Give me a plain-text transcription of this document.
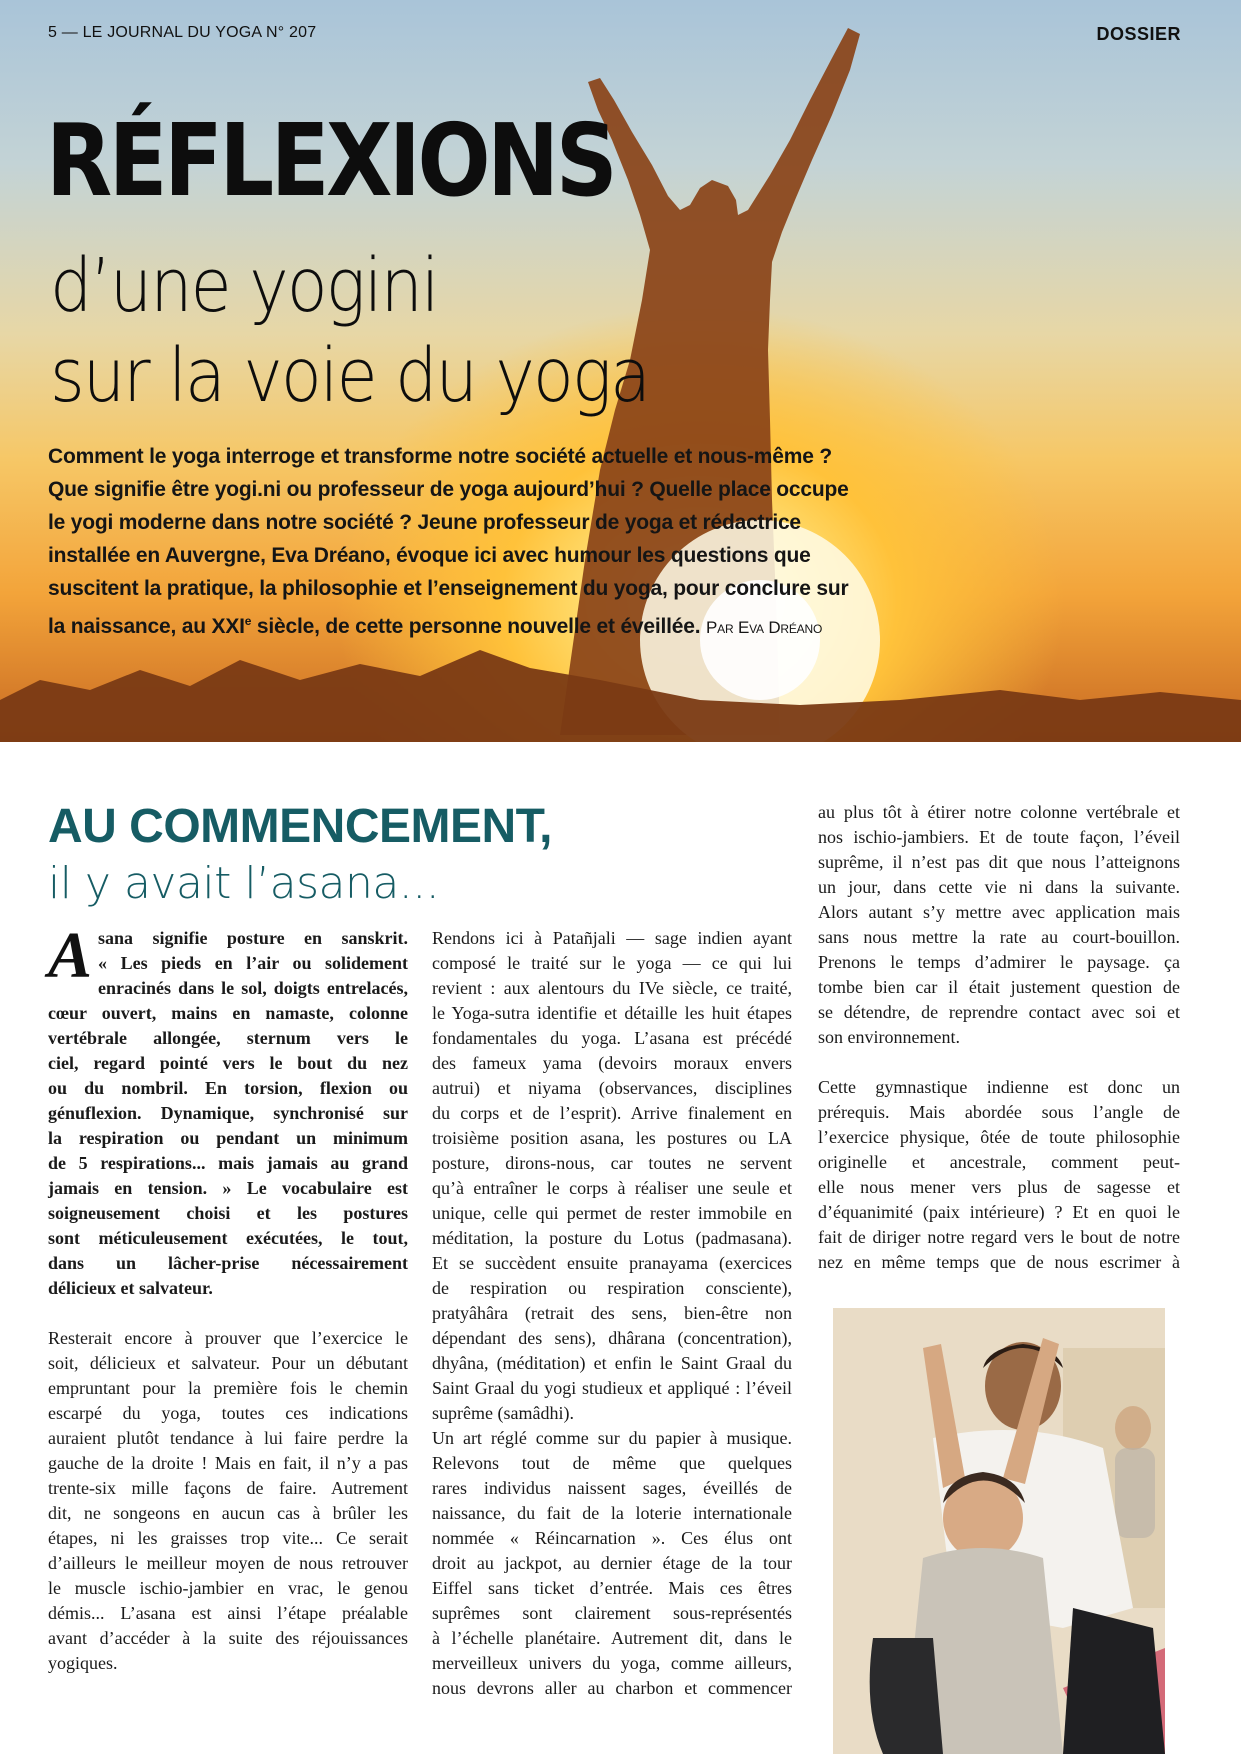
5 — LE JOURNAL DU YOGA N° 207	DOSSIER
RÉFLEXIONS
d’une yogini
sur la voie du yoga
Comment le yoga interroge et transforme notre société actuelle et nous-même ?
Que signifie être yogi.ni ou professeur de yoga aujourd’hui ? Quelle place occupe
le yogi moderne dans notre société ? Jeune professeur de yoga et rédactrice
installée en Auvergne, Eva Dréano, évoque ici avec humour les questions que
suscitent la pratique, la philosophie et l’enseignement du yoga, pour conclure sur
la naissance, au XXIe siècle, de cette personne nouvelle et éveillée. Par Eva Dréano
AU COMMENCEMENT,
il y avait l’asana...
A sana signifie posture en sanskrit.
« Les pieds en l’air ou solidement
enracinés dans le sol, doigts entrelacés,
cœur ouvert, mains en namaste, colonne
vertébrale allongée, sternum vers le
ciel, regard pointé vers le bout du nez
ou du nombril. En torsion, flexion ou
génuflexion. Dynamique, synchronisé sur
la respiration ou pendant un minimum
de 5 respirations... mais jamais au grand
jamais en tension. » Le vocabulaire est
soigneusement choisi et les postures
sont méticuleusement exécutées, le tout,
dans un lâcher-prise nécessairement
délicieux et salvateur.
Resterait encore à prouver que l’exercice le
soit, délicieux et salvateur. Pour un débutant
empruntant pour la première fois le chemin
escarpé du yoga, toutes ces indications
auraient plutôt tendance à lui faire perdre la
gauche de la droite ! Mais en fait, il n’y a pas
trente-six mille façons de faire. Autrement
dit, ne songeons en aucun cas à brûler les
étapes, ni les graisses trop vite... Ce serait
d’ailleurs le meilleur moyen de nous retrouver
le muscle ischio-jambier en vrac, le genou
démis... L’asana est ainsi l’étape préalable
avant d’accéder à la suite des réjouissances
yogiques.
Rendons ici à Patañjali — sage indien ayant
composé le traité sur le yoga — ce qui lui
revient : aux alentours du IVe siècle, ce traité,
le Yoga-sutra identifie et détaille les huit étapes
fondamentales du yoga. L’asana est précédé
des fameux yama (devoirs moraux envers
autrui) et niyama (observances, disciplines
du corps et de l’esprit). Arrive finalement en
troisième position asana, les postures ou LA
posture, dirons-nous, car toutes ne servent
qu’à entraîner le corps à réaliser une seule et
unique, celle qui permet de rester immobile en
méditation, la posture du Lotus (padmasana).
Et se succèdent ensuite pranayama (exercices
de respiration ou respiration consciente),
pratyâhâra (retrait des sens, bien-être non
dépendant des sens), dhârana (concentration),
dhyâna, (méditation) et enfin le Saint Graal du
Saint Graal du yogi studieux et appliqué : l’éveil
suprême (samâdhi).
Un art réglé comme sur du papier à musique.
Relevons tout de même que quelques
rares individus naissent sages, éveillés de
naissance, du fait de la loterie internationale
nommée « Réincarnation ». Ces élus ont
droit au jackpot, au dernier étage de la tour
Eiffel sans ticket d’entrée. Mais ces êtres
suprêmes sont clairement sous-représentés
à l’échelle planétaire. Autrement dit, dans le
merveilleux univers du yoga, comme ailleurs,
nous devrons aller au charbon et commencer
au plus tôt à étirer notre colonne vertébrale et
nos ischio-jambiers. Et de toute façon, l’éveil
suprême, il n’est pas dit que nous l’atteignons
un jour, dans cette vie ni dans la suivante.
Alors autant s’y mettre avec application mais
sans nous mettre la rate au court-bouillon.
Prenons le temps d’admirer le paysage. ça
tombe bien car il était justement question de
se détendre, de reprendre contact avec soi et
son environnement.
Cette gymnastique indienne est donc un
prérequis. Mais abordée sous l’angle de
l’exercice physique, ôtée de toute philosophie
originelle et ancestrale, comment peut-
elle nous mener vers plus de sagesse et
d’équanimité (paix intérieure) ? Et en quoi le
fait de diriger notre regard vers le bout de notre
nez en même temps que de nous escrimer à
